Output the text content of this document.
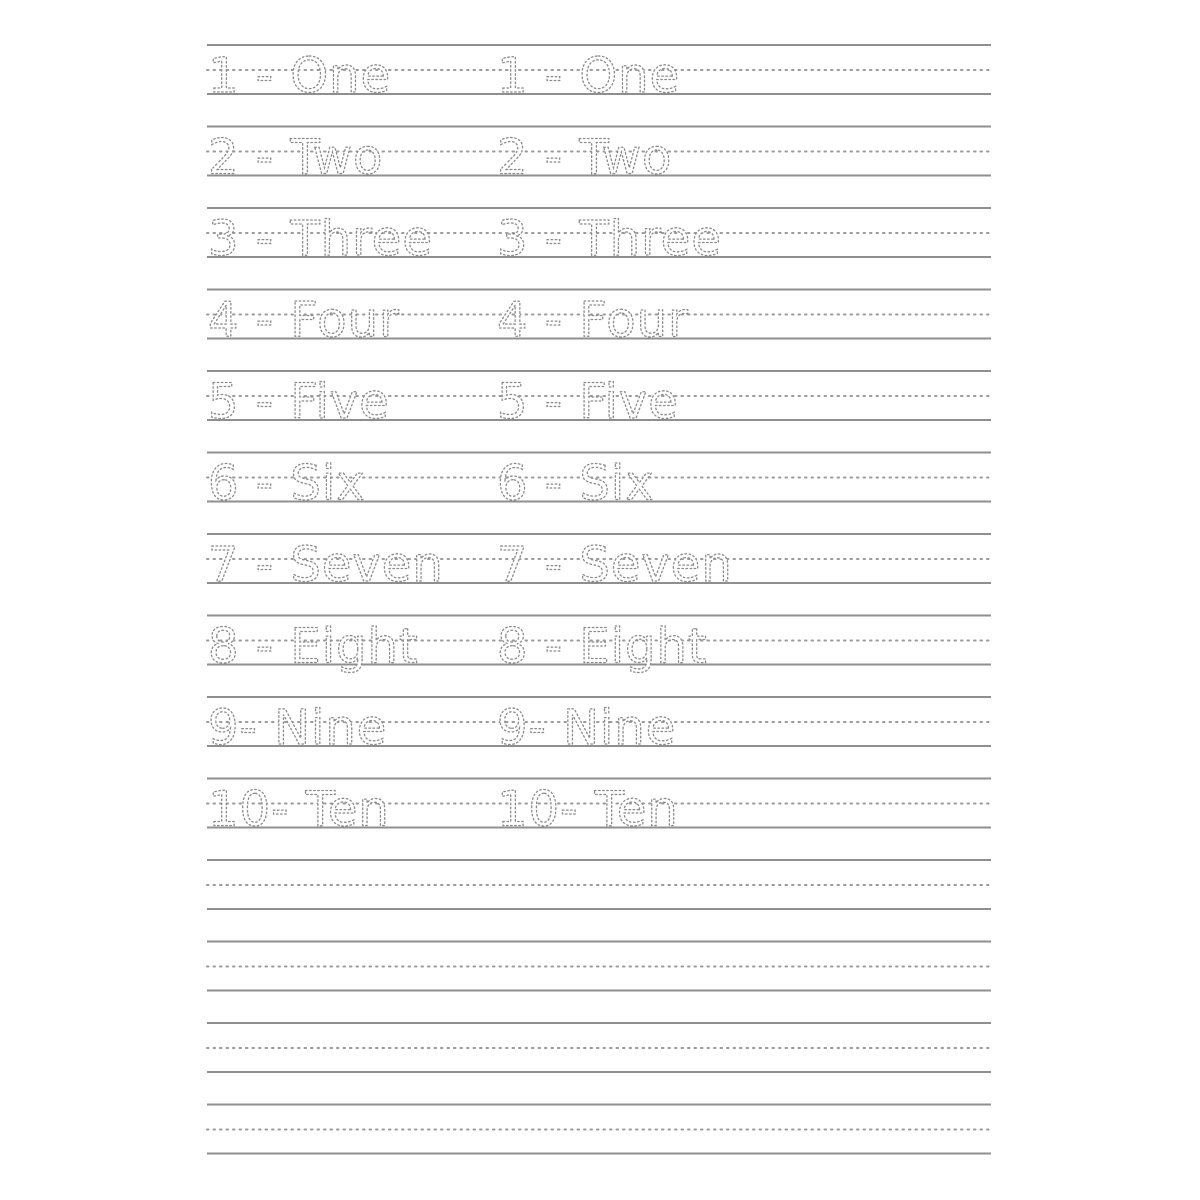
1 - One 1 - One
2 - Two 2 - Two
3 - Three 3 - Three
4 - Four 4 - Four
5 - Five 5 - Five
6 - Six	6 - Six
7 - Seven 7 - Seven
8 - Eight 8 - Eight
9- Nine 9- Nine
10- Ten 10- Ten
